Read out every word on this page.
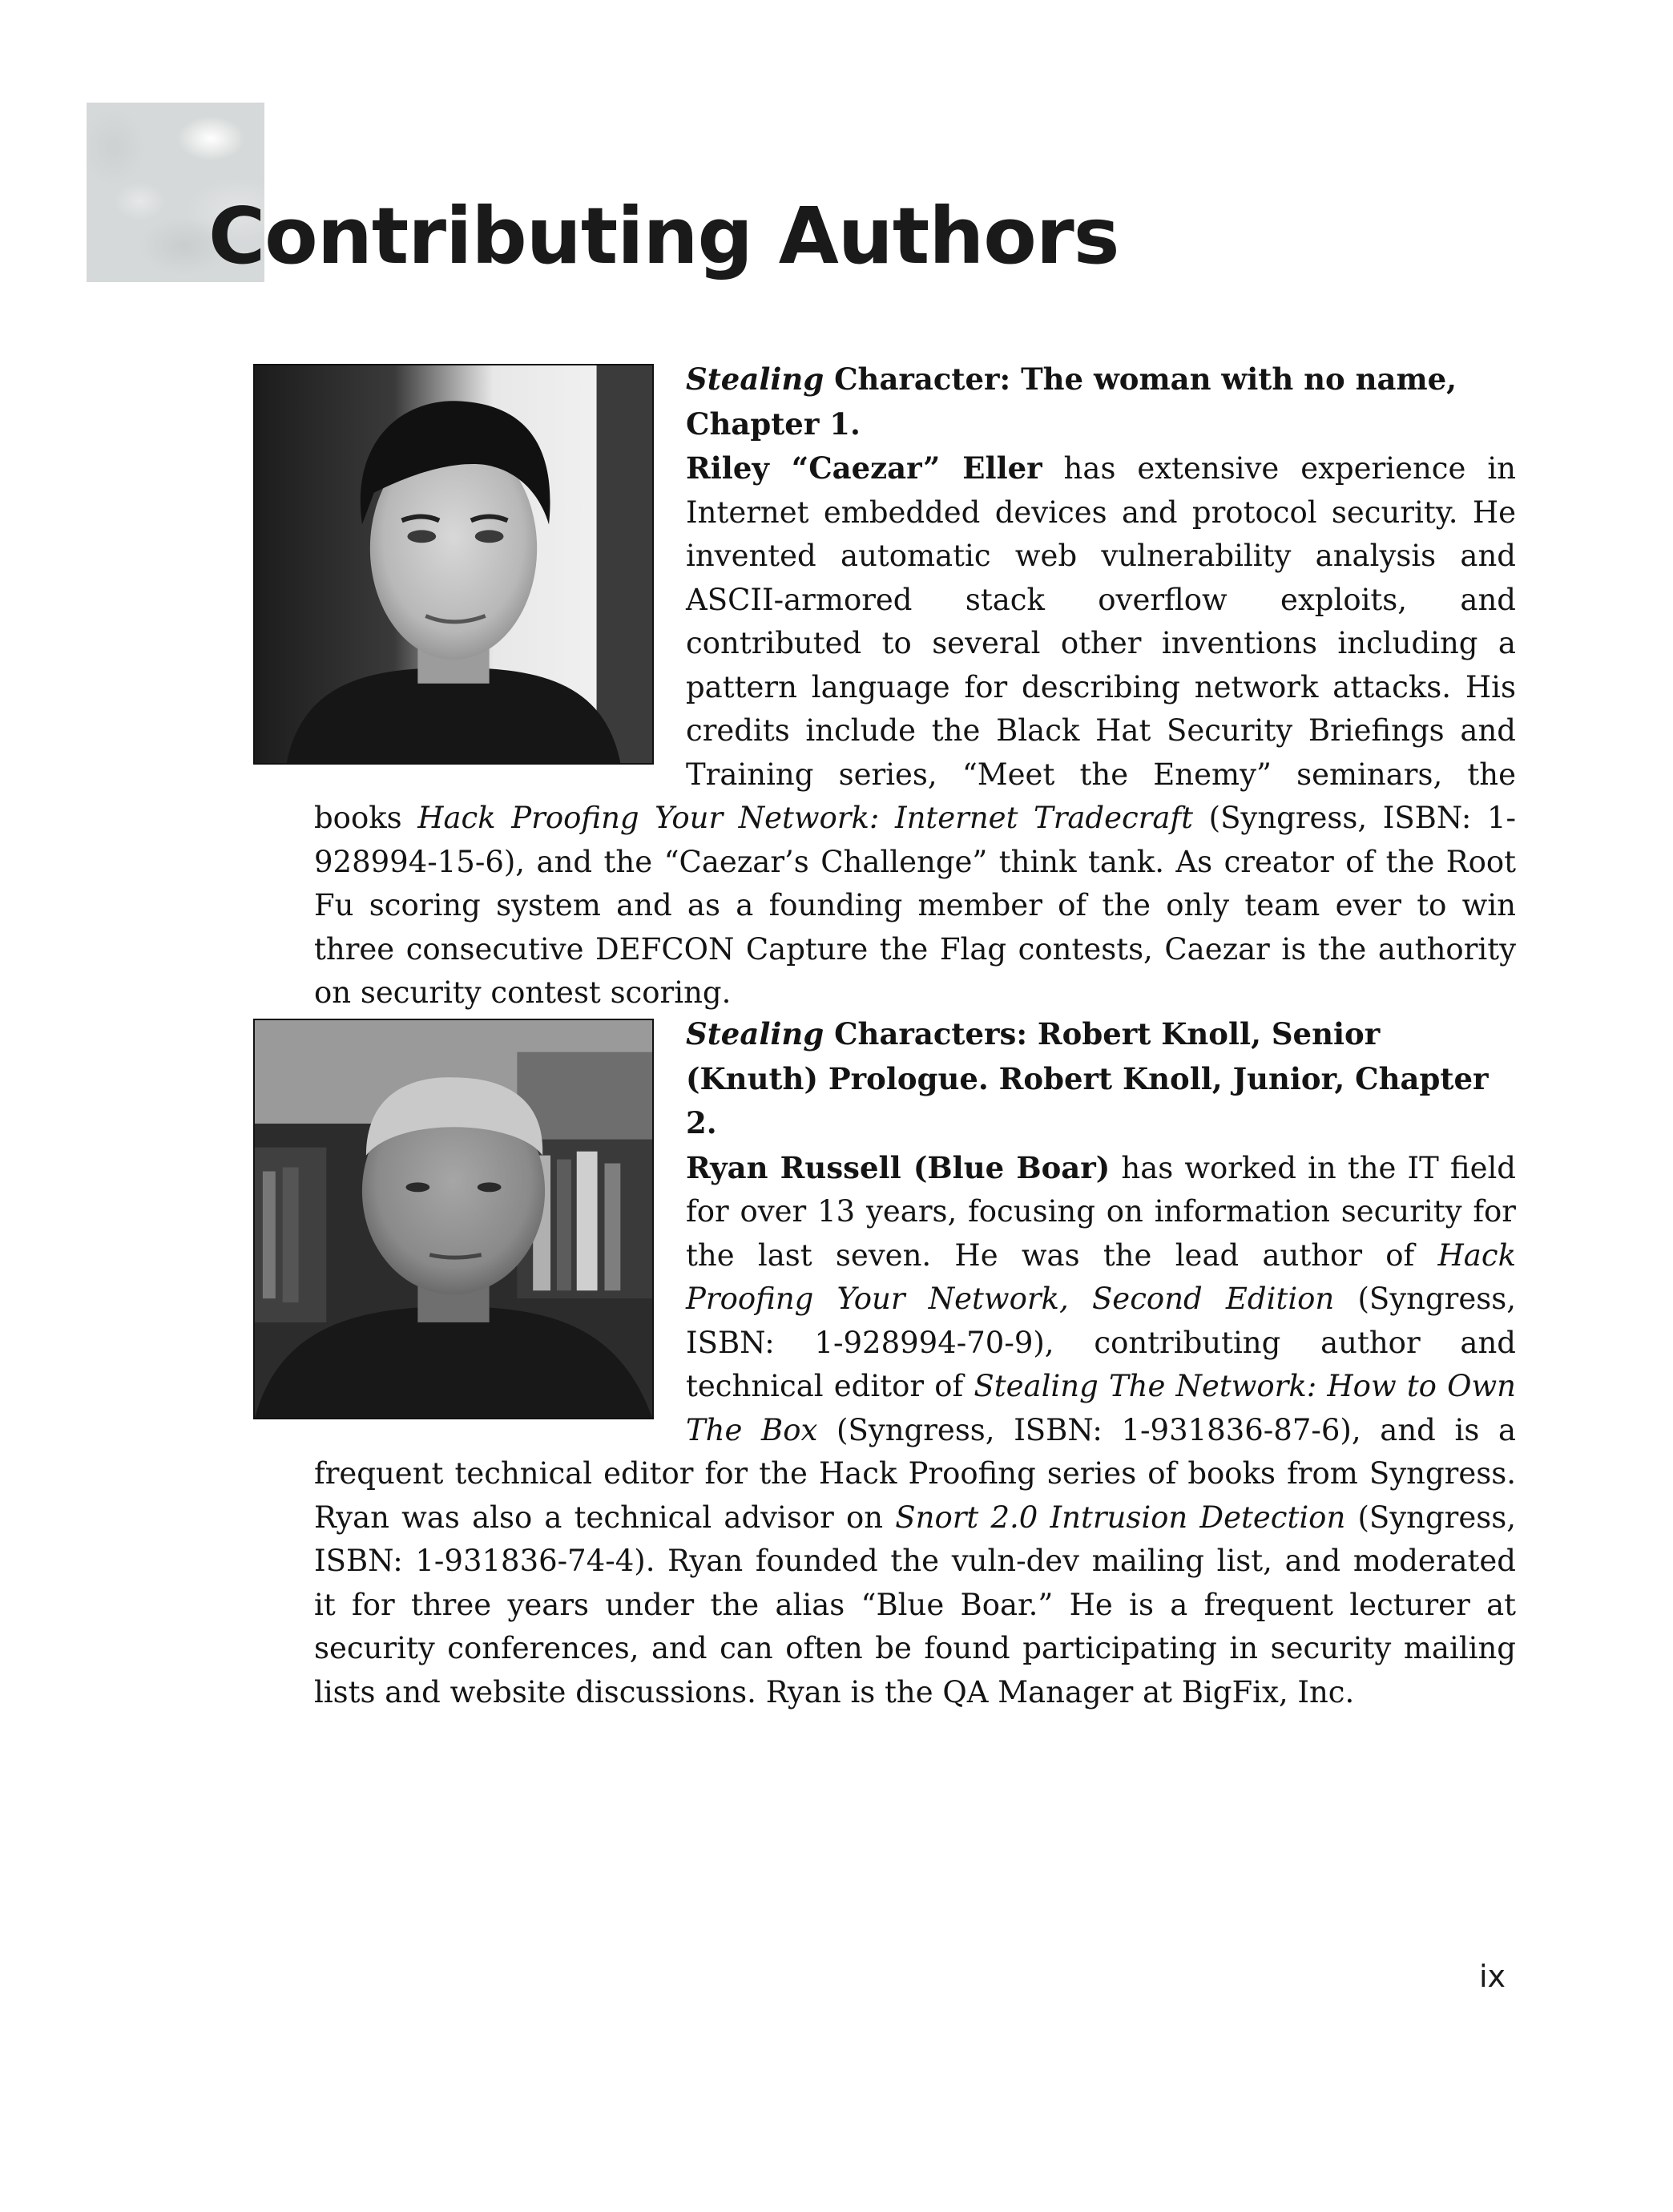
Contributing Authors

Stealing Character: The woman with no name, Chapter 1.

Riley “Caezar” Eller has extensive experience in Internet embedded devices and protocol security. He invented automatic web vulnerability analysis and ASCII-armored stack overflow exploits, and contributed to several other inventions including a pattern language for describing network attacks. His credits include the Black Hat Security Briefings and Training series, “Meet the Enemy” seminars, the books Hack Proofing Your Network: Internet Tradecraft (Syngress, ISBN: 1-928994-15-6), and the “Caezar’s Challenge” think tank. As creator of the Root Fu scoring system and as a founding member of the only team ever to win three consecutive DEFCON Capture the Flag contests, Caezar is the authority on security contest scoring.

Stealing Characters: Robert Knoll, Senior (Knuth) Prologue. Robert Knoll, Junior, Chapter 2.

Ryan Russell (Blue Boar) has worked in the IT field for over 13 years, focusing on information security for the last seven. He was the lead author of Hack Proofing Your Network, Second Edition (Syngress, ISBN: 1-928994-70-9), contributing author and technical editor of Stealing The Network: How to Own The Box (Syngress, ISBN: 1-931836-87-6), and is a frequent technical editor for the Hack Proofing series of books from Syngress. Ryan was also a technical advisor on Snort 2.0 Intrusion Detection (Syngress, ISBN: 1-931836-74-4). Ryan founded the vuln-dev mailing list, and moderated it for three years under the alias “Blue Boar.” He is a frequent lecturer at security conferences, and can often be found participating in security mailing lists and website discussions. Ryan is the QA Manager at BigFix, Inc.

ix
